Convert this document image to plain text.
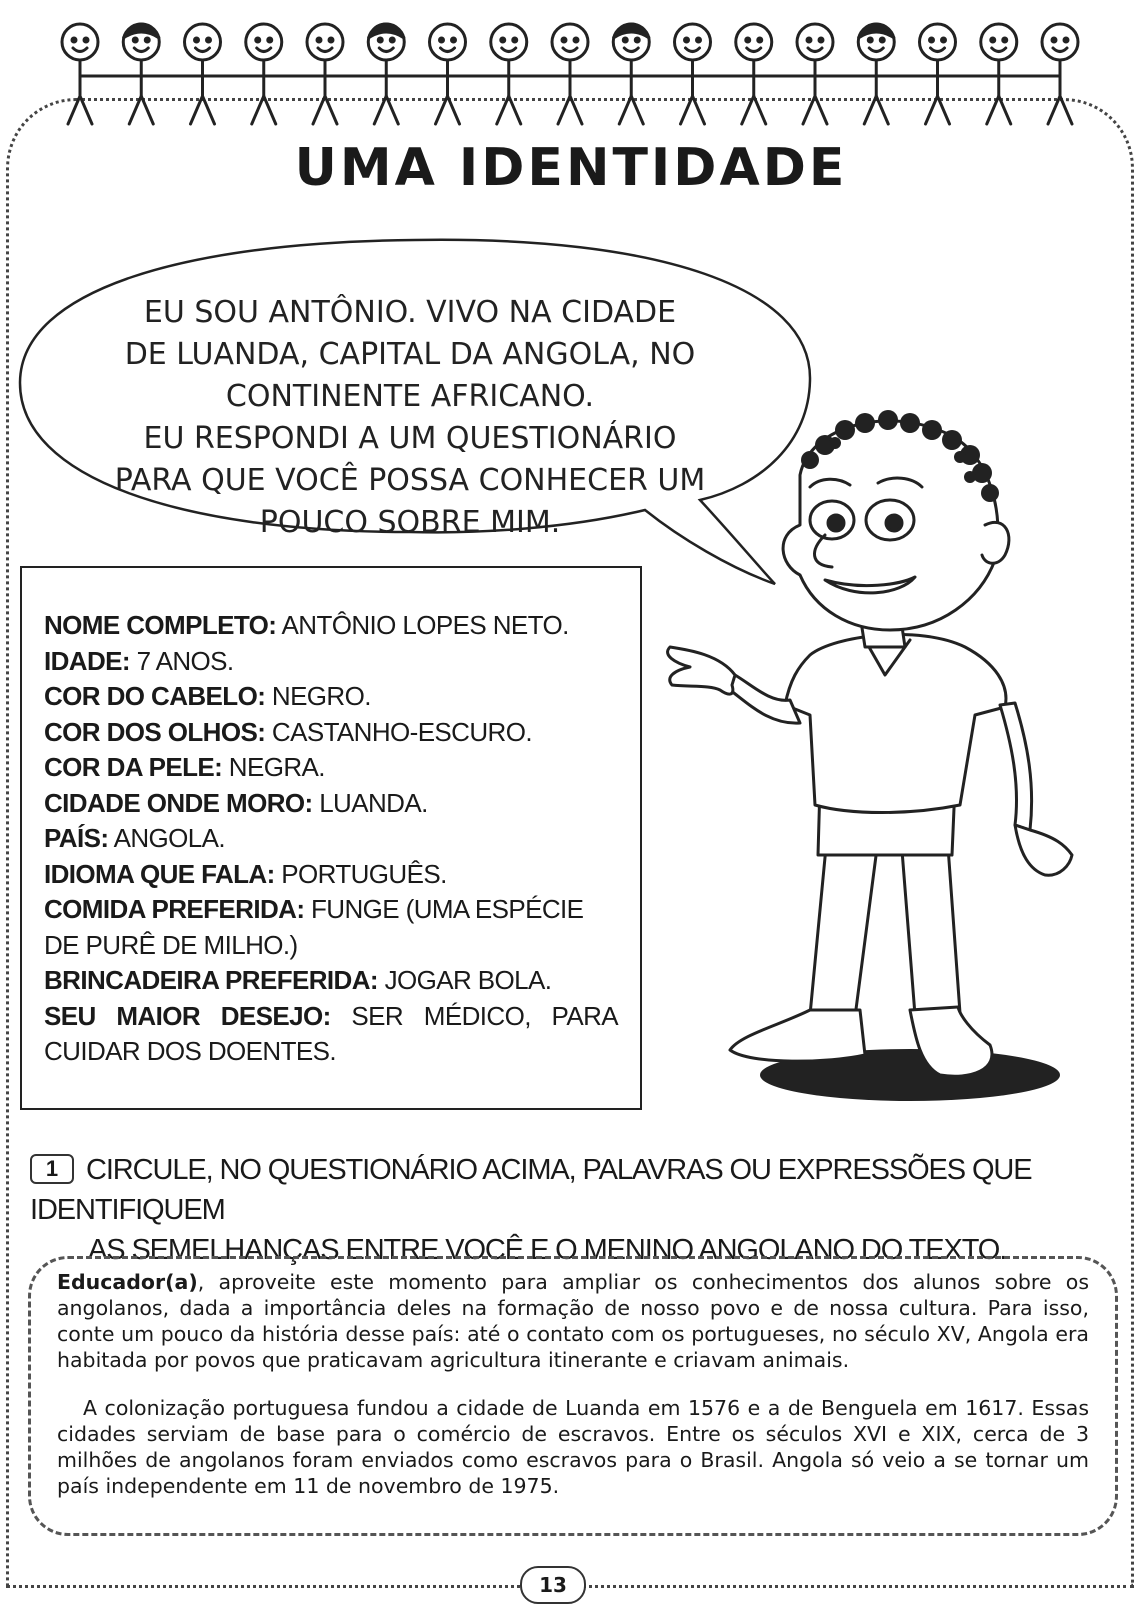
UMA IDENTIDADE
EU SOU ANTÔNIO. VIVO NA CIDADE
DE LUANDA, CAPITAL DA ANGOLA, NO
CONTINENTE AFRICANO.
EU RESPONDI A UM QUESTIONÁRIO
PARA QUE VOCÊ POSSA CONHECER UM
POUCO SOBRE MIM.

NOME COMPLETO: ANTÔNIO LOPES NETO.

IDADE: 7 ANOS.

COR DO CABELO: NEGRO.

COR DOS OLHOS: CASTANHO-ESCURO.

COR DA PELE: NEGRA.

CIDADE ONDE MORO: LUANDA.

PAÍS: ANGOLA.

IDIOMA QUE FALA: PORTUGUÊS.

COMIDA PREFERIDA: FUNGE (UMA ESPÉCIE DE PURÊ DE MILHO.)

BRINCADEIRA PREFERIDA: JOGAR BOLA.

SEU MAIOR DESEJO: SER MÉDICO, PARA CUIDAR DOS DOENTES.

1 CIRCULE, NO QUESTIONÁRIO ACIMA, PALAVRAS OU EXPRESSÕES QUE IDENTIFIQUEM
AS SEMELHANÇAS ENTRE VOCÊ E O MENINO ANGOLANO DO TEXTO.

Educador(a), aproveite este momento para ampliar os conhecimentos dos alunos sobre os angolanos, dada a importância deles na formação de nosso povo e de nossa cultura. Para isso, conte um pouco da história desse país: até o contato com os portugueses, no século XV, Angola era habitada por povos que praticavam agricultura itinerante e criavam animais.

A colonização portuguesa fundou a cidade de Luanda em 1576 e a de Benguela em 1617. Essas cidades serviam de base para o comércio de escravos. Entre os séculos XVI e XIX, cerca de 3 milhões de angolanos foram enviados como escravos para o Brasil. Angola só veio a se tornar um país independente em 11 de novembro de 1975.

13
